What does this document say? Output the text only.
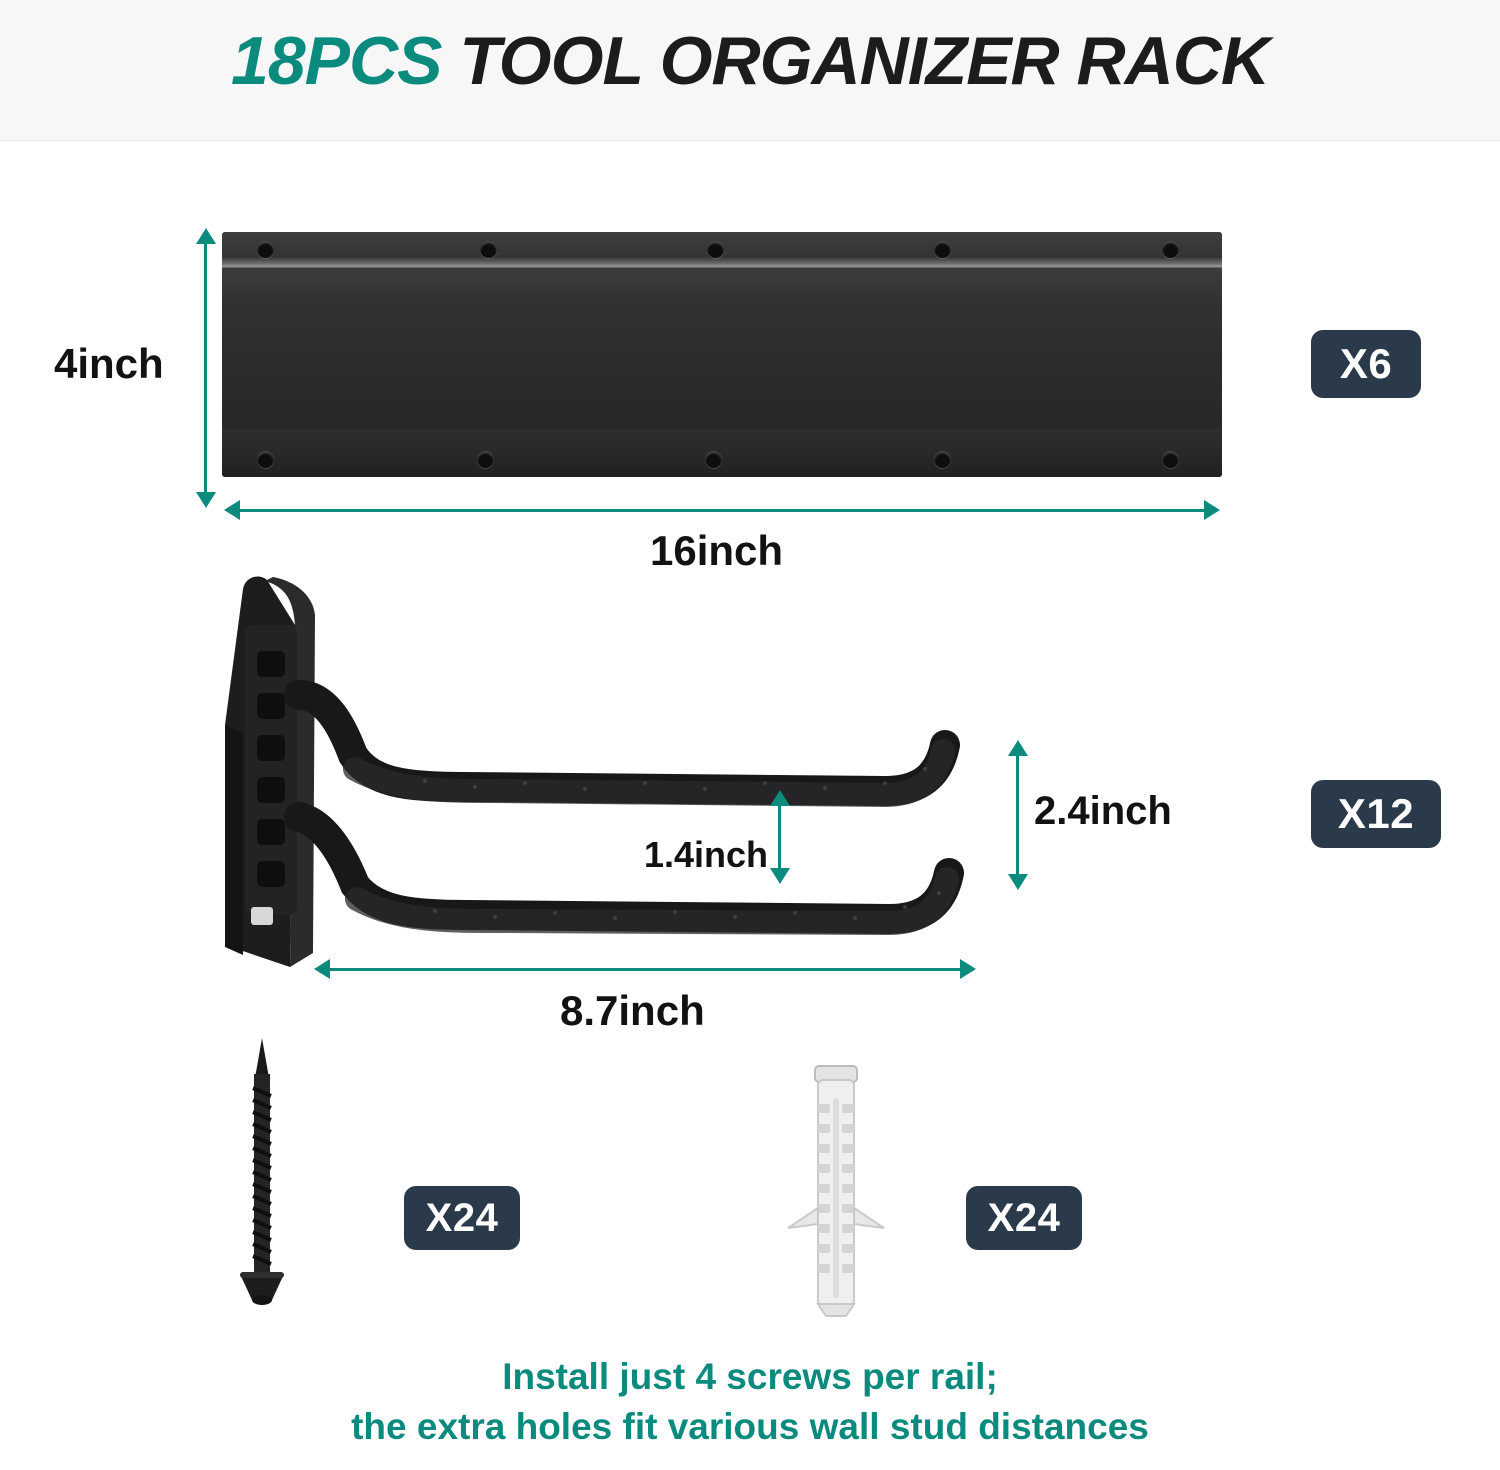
18PCS TOOL ORGANIZER RACK
4inch
16inch
X6
2.4inch
1.4inch
8.7inch
X12
X24	X24
Install just 4 screws per rail;
the extra holes fit various wall stud distances
